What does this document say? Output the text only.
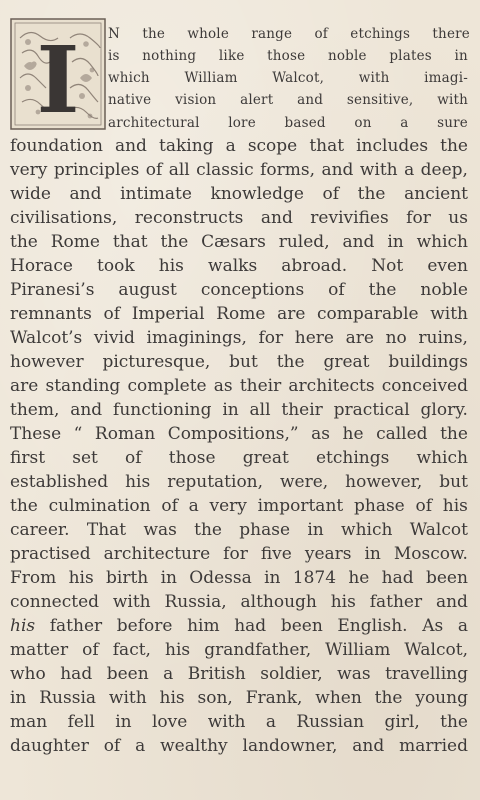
I N the whole range of etchings there
is nothing like those noble plates in
which	William	Walcot,	with	imagi-
native vision alert and sensitive, with
architectural lore based on a sure
foundation and taking a scope that includes the
very principles of all classic forms, and with a deep,
wide and intimate knowledge of the ancient
civilisations, reconstructs and revivifies for us
the Rome that the Cæsars ruled, and in which
Horace took his walks abroad. Not even
Piranesi’s august conceptions of the noble
remnants of Imperial Rome are comparable with
Walcot’s vivid imaginings, for here are no ruins,
however picturesque, but the great buildings
are standing complete as their architects conceived
them, and functioning in all their practical glory.
These “ Roman Compositions,” as he called the
first set of those great etchings which
established his reputation, were, however, but
the culmination of a very important phase of his
career. That was the phase in which Walcot
practised architecture for five years in Moscow.
From his birth in Odessa in 1874 he had been
connected with Russia, although his father and
his father before him had been English. As a
matter of fact, his grandfather, William Walcot,
who had been a British soldier, was travelling
in Russia with his son, Frank, when the young
man fell in love with a Russian girl, the
daughter of a wealthy landowner, and married
